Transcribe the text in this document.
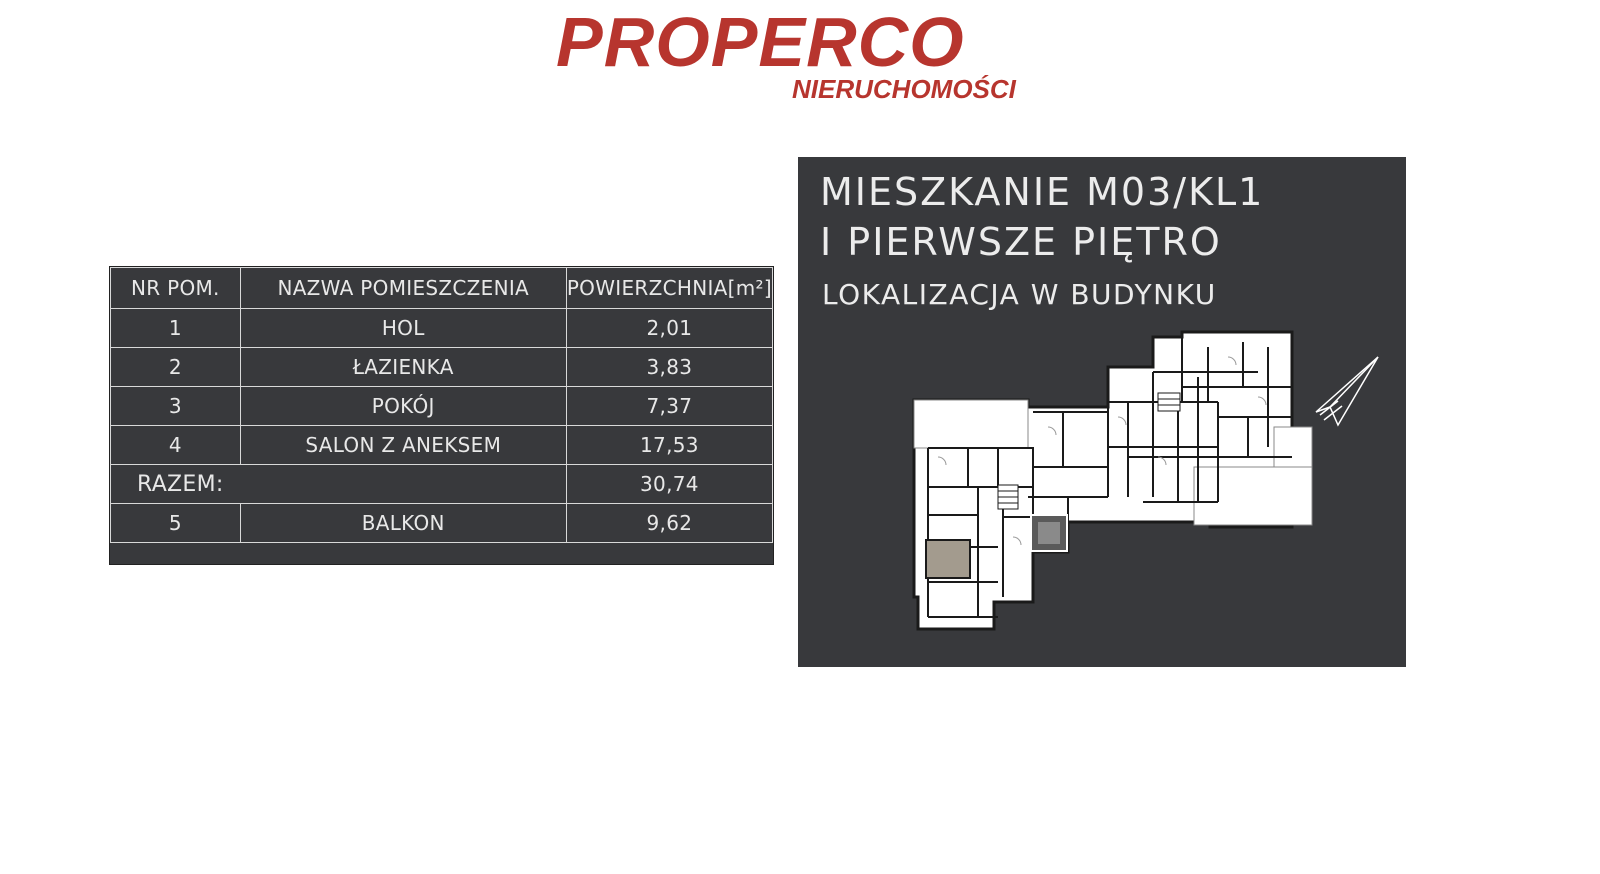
PROPERCO
NIERUCHOMOŚCI
NR POM.	NAZWA POMIESZCZENIA	POWIERZCHNIA[m²]
1	HOL	2,01
2	ŁAZIENKA	3,83
3	POKÓJ	7,37
4	SALON Z ANEKSEM	17,53
RAZEM:		30,74
5	BALKON	9,62

MIESZKANIE M03/KL1
I PIERWSZE PIĘTRO
LOKALIZACJA W BUDYNKU
